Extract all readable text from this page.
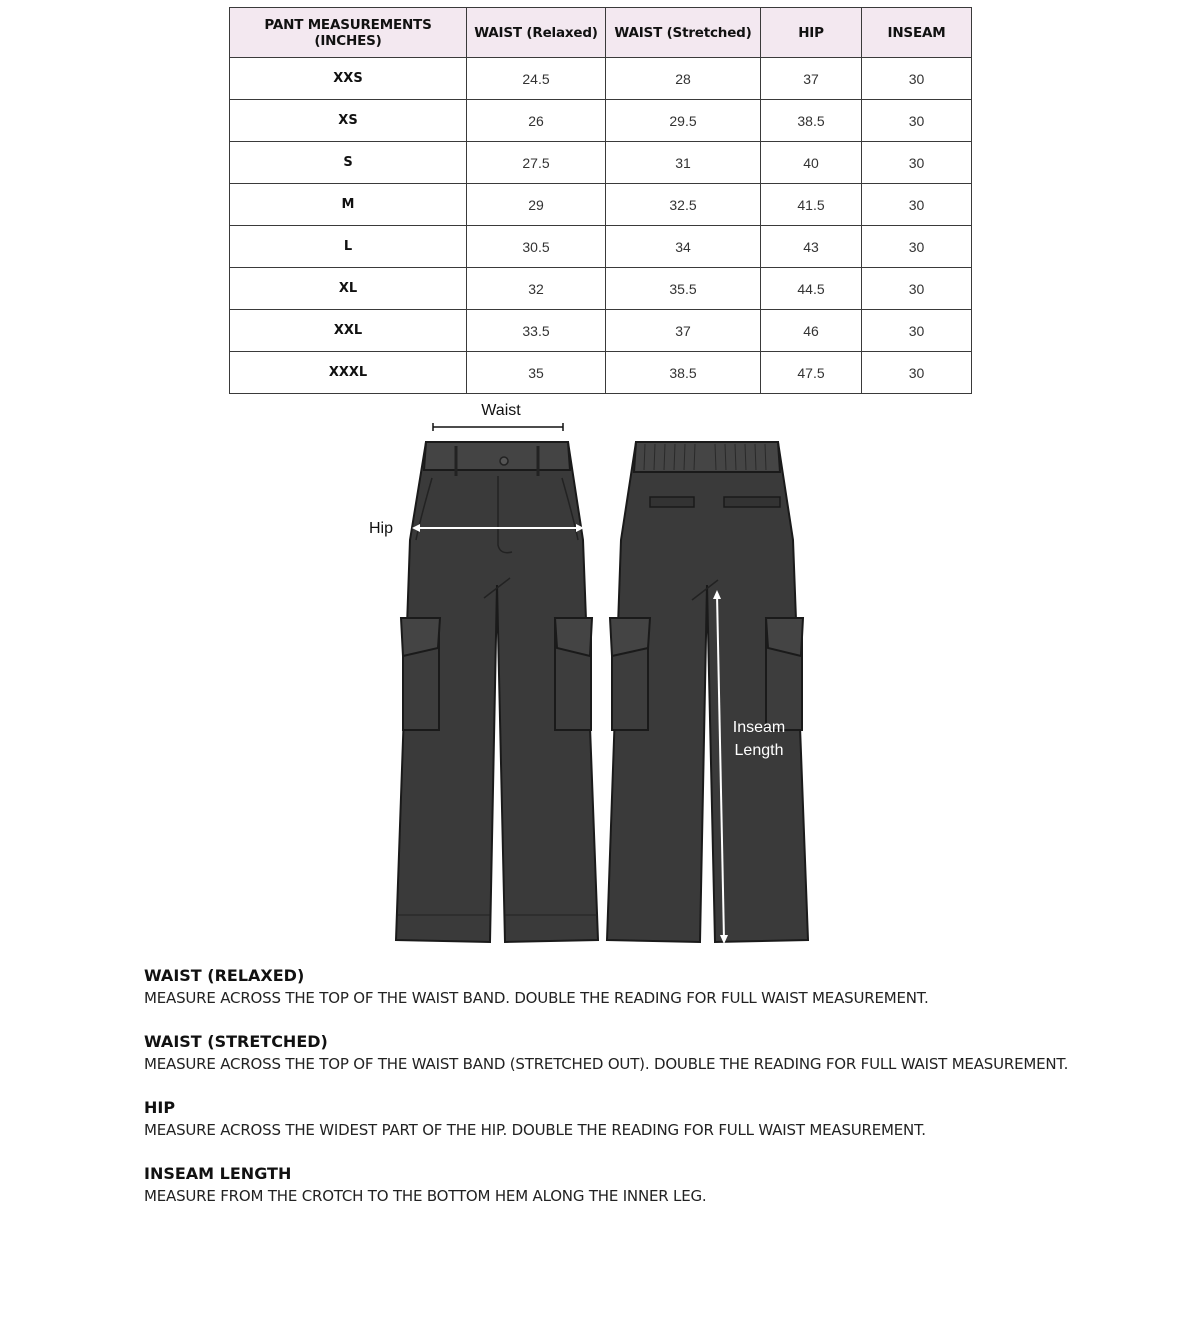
PANT MEASUREMENTS (INCHES)	WAIST (Relaxed)	WAIST (Stretched)	HIP	INSEAM
XXS	24.5	28	37	30
XS	26	29.5	38.5	30
S	27.5	31	40	30
M	29	32.5	41.5	30
L	30.5	34	43	30
XL	32	35.5	44.5	30
XXL	33.5	37	46	30
XXXL	35	38.5	47.5	30
Waist
Hip
Inseam
Length
WAIST (RELAXED)
MEASURE ACROSS THE TOP OF THE WAIST BAND. DOUBLE THE READING FOR FULL WAIST MEASUREMENT.
WAIST (STRETCHED)
MEASURE ACROSS THE TOP OF THE WAIST BAND (STRETCHED OUT). DOUBLE THE READING FOR FULL WAIST MEASUREMENT.
HIP
MEASURE ACROSS THE WIDEST PART OF THE HIP. DOUBLE THE READING FOR FULL WAIST MEASUREMENT.
INSEAM LENGTH
MEASURE FROM THE CROTCH TO THE BOTTOM HEM ALONG THE INNER LEG.
